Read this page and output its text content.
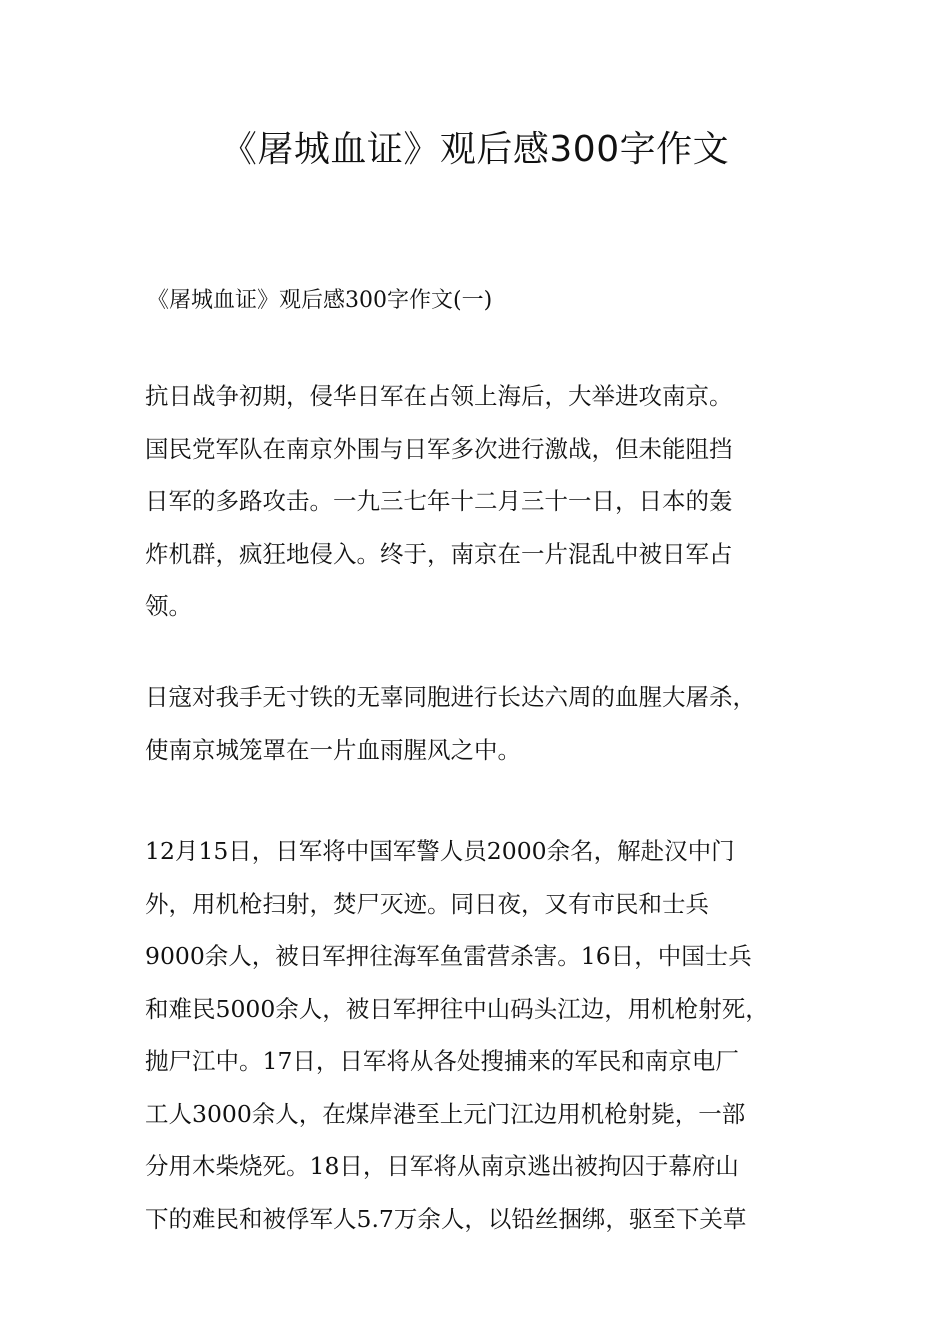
《屠城血证》观后感300字作文

《屠城血证》观后感300字作文(一)

抗日战争初期，侵华日军在占领上海后，大举进攻南京。
国民党军队在南京外围与日军多次进行激战，但未能阻挡
日军的多路攻击。一九三七年十二月三十一日，日本的轰
炸机群，疯狂地侵入。终于，南京在一片混乱中被日军占
领。

日寇对我手无寸铁的无辜同胞进行长达六周的血腥大屠杀，
使南京城笼罩在一片血雨腥风之中。

12月15日，日军将中国军警人员2000余名，解赴汉中门
外，用机枪扫射，焚尸灭迹。同日夜，又有市民和士兵
9000余人，被日军押往海军鱼雷营杀害。16日，中国士兵
和难民5000余人，被日军押往中山码头江边，用机枪射死，
抛尸江中。17日，日军将从各处搜捕来的军民和南京电厂
工人3000余人，在煤岸港至上元门江边用机枪射毙，一部
分用木柴烧死。18日，日军将从南京逃出被拘囚于幕府山
下的难民和被俘军人5.7万余人，以铅丝捆绑，驱至下关草
